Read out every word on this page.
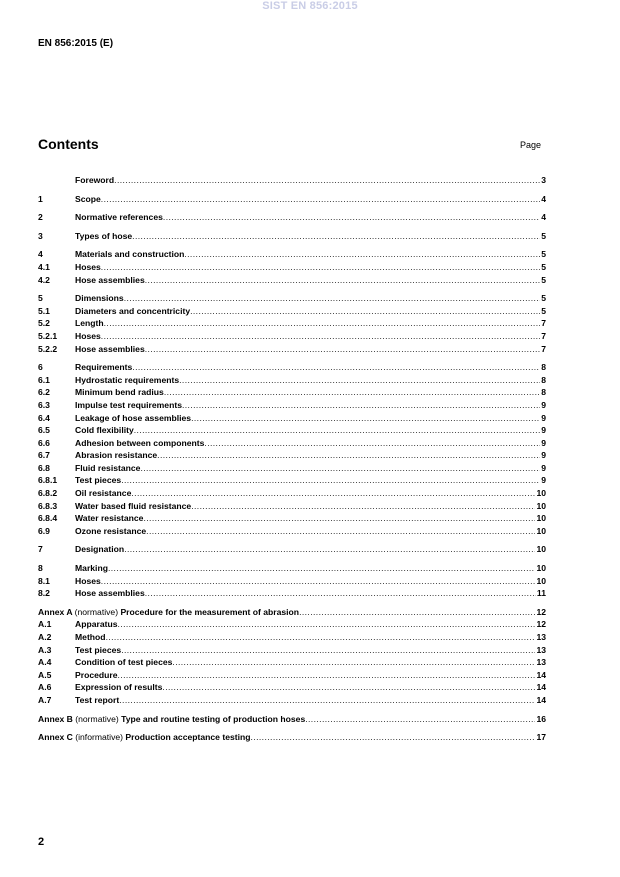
SIST EN 856:2015
EN 856:2015 (E)
Contents	Page
Foreword .....	3
1	Scope .....	4
2	Normative references .....	4
3	Types of hose .....	5
4	Materials and construction .....	5
4.1	Hoses .....	5
4.2	Hose assemblies .....	5
5	Dimensions .....	5
5.1	Diameters and concentricity .....	5
5.2	Length .....	7
5.2.1	Hoses .....	7
5.2.2	Hose assemblies .....	7
6	Requirements .....	8
6.1	Hydrostatic requirements .....	8
6.2	Minimum bend radius .....	8
6.3	Impulse test requirements .....	9
6.4	Leakage of hose assemblies .....	9
6.5	Cold flexibility .....	9
6.6	Adhesion between components .....	9
6.7	Abrasion resistance .....	9
6.8	Fluid resistance .....	9
6.8.1	Test pieces .....	9
6.8.2	Oil resistance .....	10
6.8.3	Water based fluid resistance .....	10
6.8.4	Water resistance .....	10
6.9	Ozone resistance .....	10
7	Designation .....	10
8	Marking .....	10
8.1	Hoses .....	10
8.2	Hose assemblies .....	11
Annex A (normative) Procedure for the measurement of abrasion .....	12
A.1	Apparatus .....	12
A.2	Method .....	13
A.3	Test pieces .....	13
A.4	Condition of test pieces .....	13
A.5	Procedure .....	14
A.6	Expression of results .....	14
A.7	Test report .....	14
Annex B (normative) Type and routine testing of production hoses .....	16
Annex C (informative) Production acceptance testing .....	17
2
